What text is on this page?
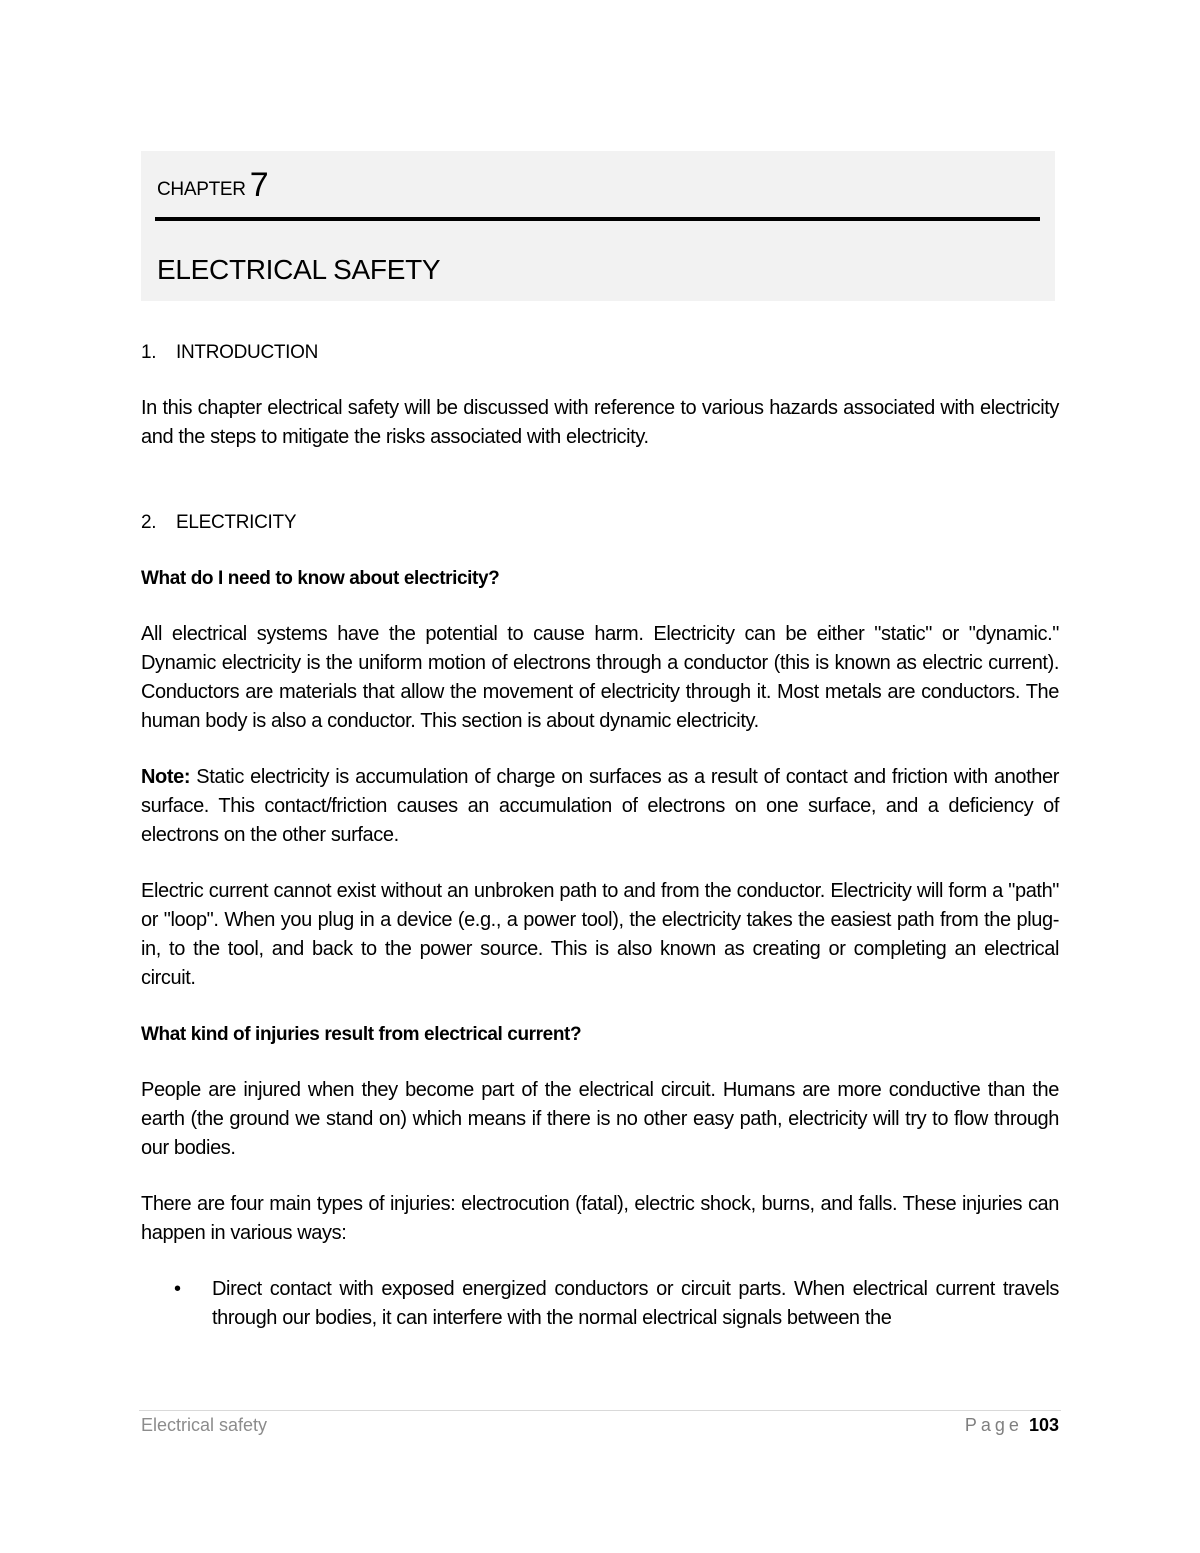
CHAPTER 7
ELECTRICAL SAFETY
1. INTRODUCTION

In this chapter electrical safety will be discussed with reference to various hazards associated with electricity and the steps to mitigate the risks associated with electricity.

2. ELECTRICITY
What do I need to know about electricity?

All electrical systems have the potential to cause harm. Electricity can be either "static" or "dynamic." Dynamic electricity is the uniform motion of electrons through a conductor (this is known as electric current). Conductors are materials that allow the movement of electricity through it. Most metals are conductors. The human body is also a conductor. This section is about dynamic electricity.

Note: Static electricity is accumulation of charge on surfaces as a result of contact and friction with another surface. This contact/friction causes an accumulation of electrons on one surface, and a deficiency of electrons on the other surface.

Electric current cannot exist without an unbroken path to and from the conductor. Electricity will form a "path" or "loop". When you plug in a device (e.g., a power tool), the electricity takes the easiest path from the plug-in, to the tool, and back to the power source. This is also known as creating or completing an electrical circuit.

What kind of injuries result from electrical current?

People are injured when they become part of the electrical circuit. Humans are more conductive than the earth (the ground we stand on) which means if there is no other easy path, electricity will try to flow through our bodies.

There are four main types of injuries: electrocution (fatal), electric shock, burns, and falls. These injuries can happen in various ways:

• Direct contact with exposed energized conductors or circuit parts. When electrical current travels through our bodies, it can interfere with the normal electrical signals between the
Electrical safety	Page 103
